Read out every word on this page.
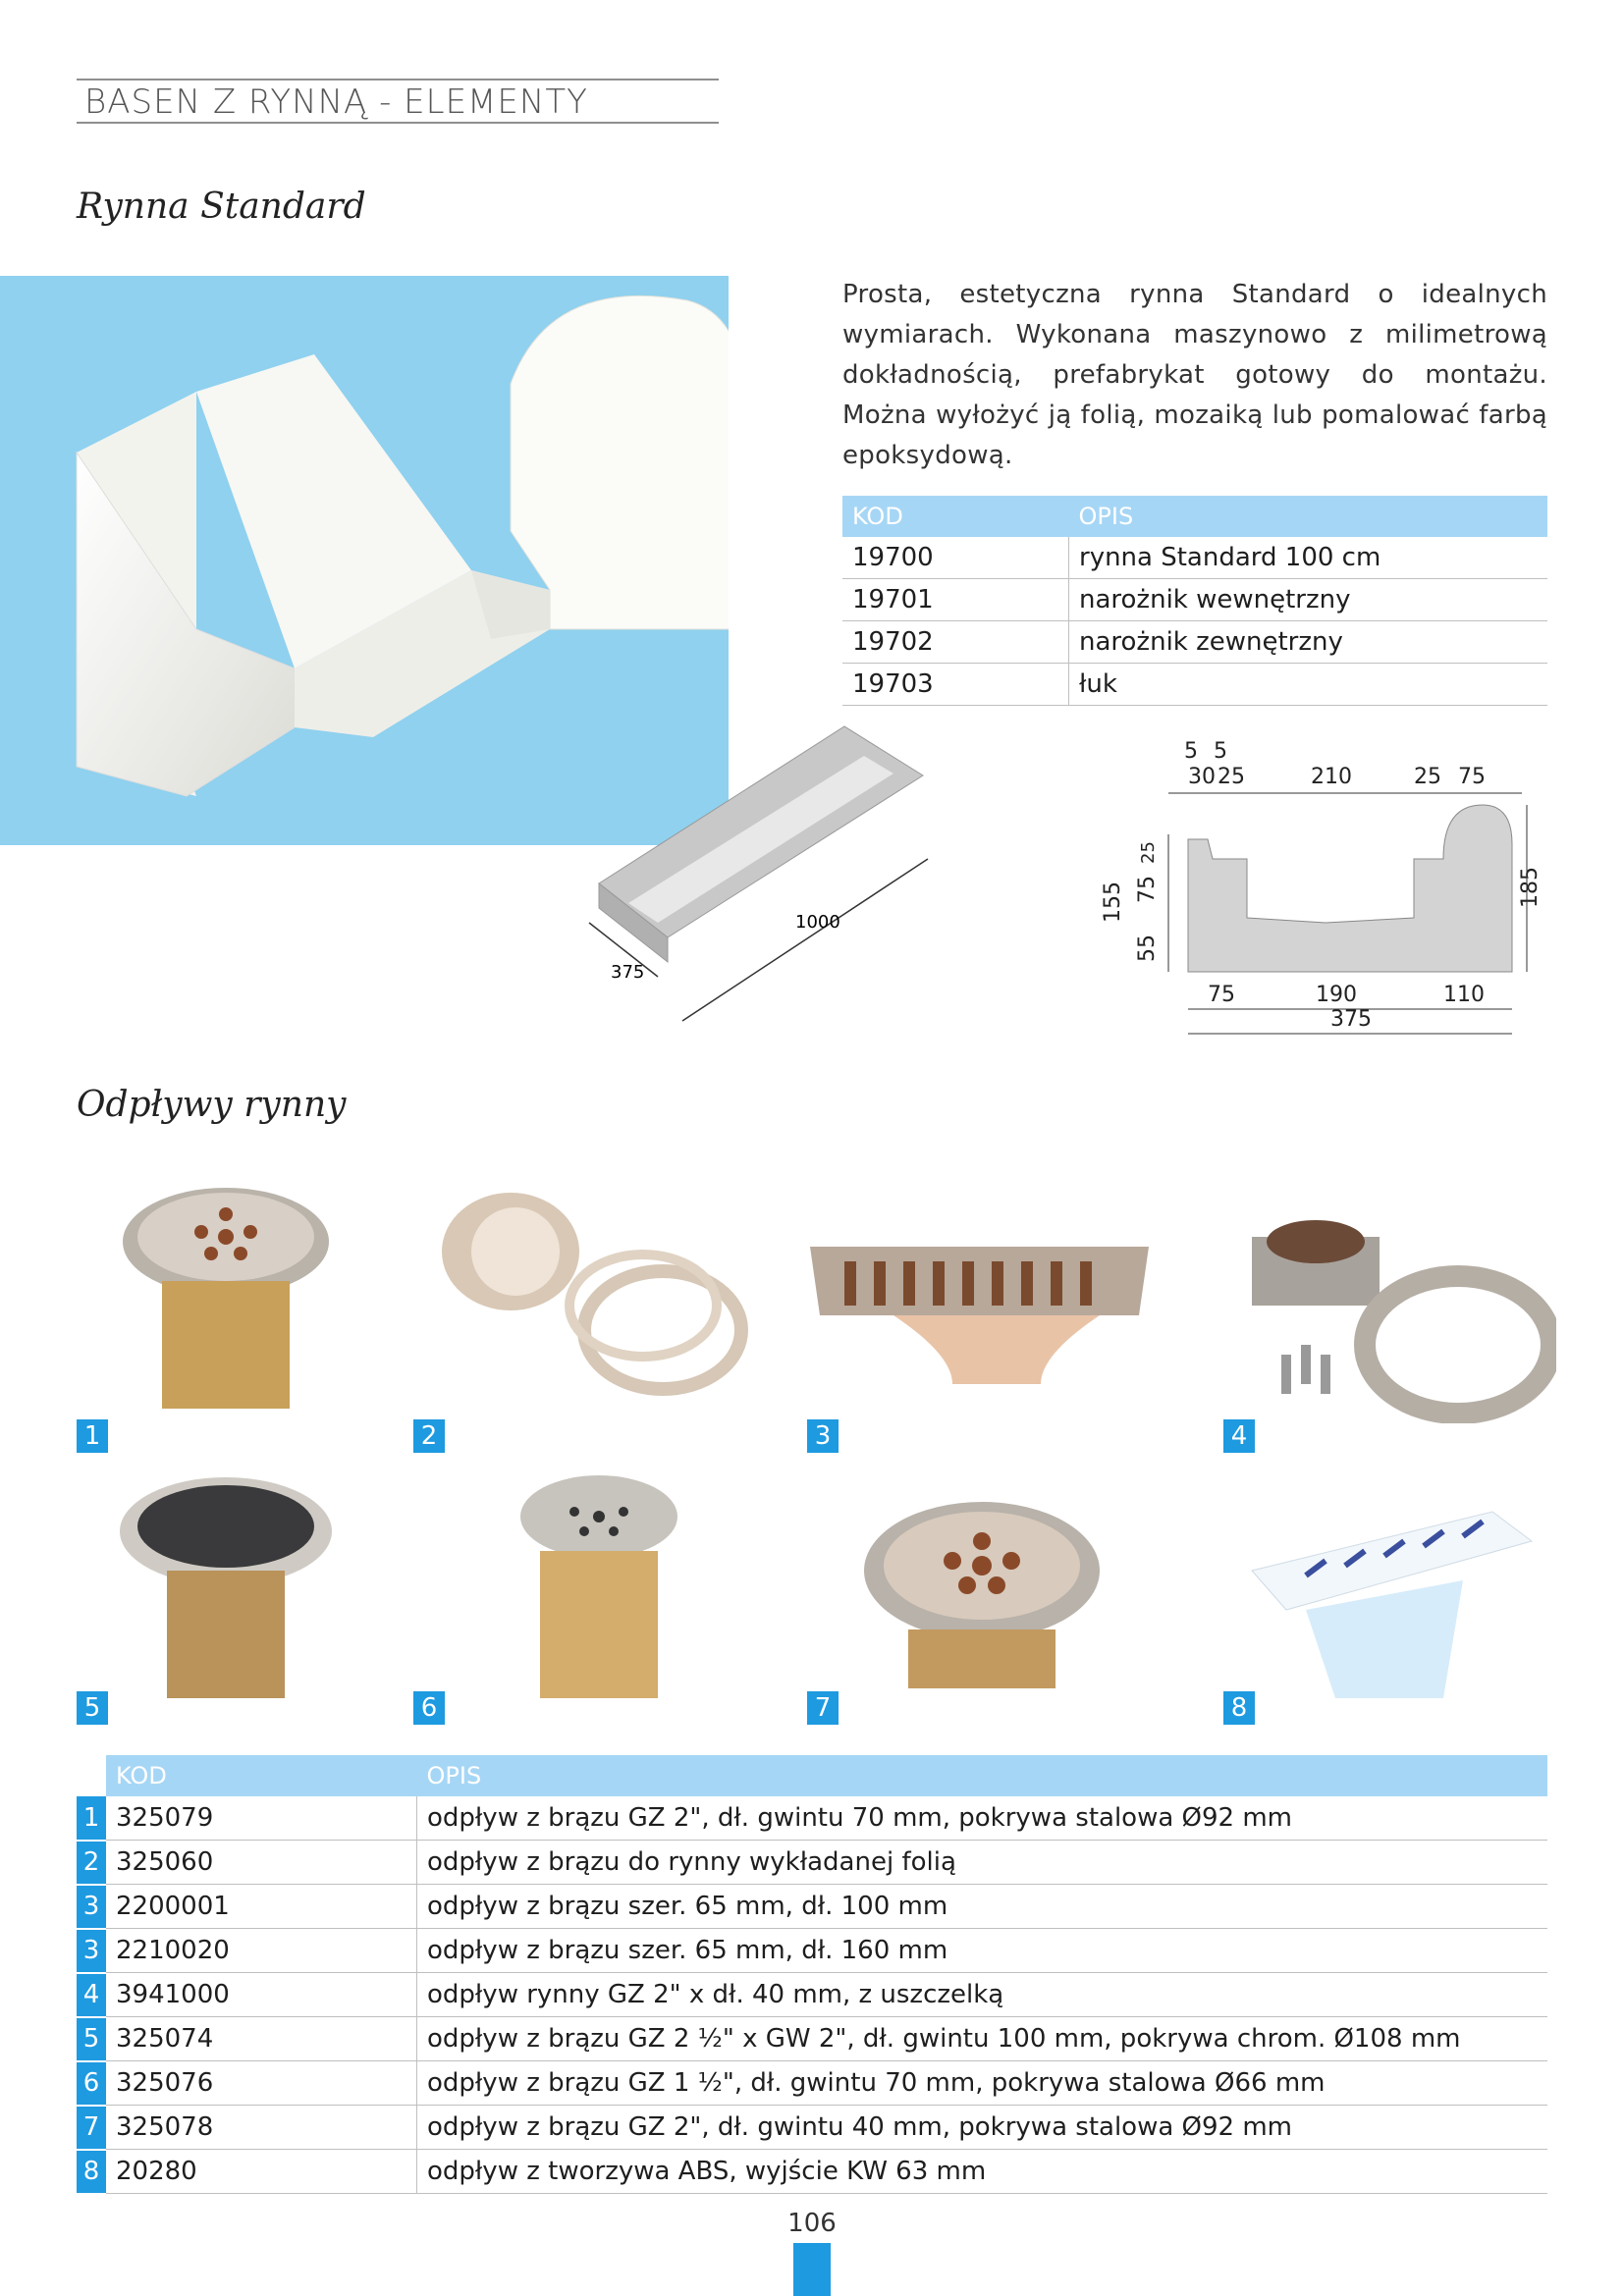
BASEN Z RYNNĄ - ELEMENTY
Rynna Standard
Prosta, estetyczna rynna Standard o idealnych wymiarach. Wykonana maszynowo z milimetrową dokładnością, prefabrykat gotowy do montażu. Można wyłożyć ją folią, mozaiką lub pomalować farbą epoksydową.
KOD	OPIS
19700	rynna Standard 100 cm
19701	narożnik wewnętrzny
19702	narożnik zewnętrzny
19703	łuk
1000
375
5 5
30 25	210	25 75
155
25
75
55
185
75	190	110
375
Odpływy rynny
1	2	3	4
5	6	7	8
	KOD	OPIS
1	325079	odpływ z brązu GZ 2", dł. gwintu 70 mm, pokrywa stalowa Ø92 mm
2	325060	odpływ z brązu do rynny wykładanej folią
3	2200001	odpływ z brązu szer. 65 mm, dł. 100 mm
3	2210020	odpływ z brązu szer. 65 mm, dł. 160 mm
4	3941000	odpływ rynny GZ 2" x dł. 40 mm, z uszczelką
5	325074	odpływ z brązu GZ 2 ½" x GW 2", dł. gwintu 100 mm, pokrywa chrom. Ø108 mm
6	325076	odpływ z brązu GZ 1 ½", dł. gwintu 70 mm, pokrywa stalowa Ø66 mm
7	325078	odpływ z brązu GZ 2", dł. gwintu 40 mm, pokrywa stalowa Ø92 mm
8	20280	odpływ z tworzywa ABS, wyjście KW 63 mm
106
